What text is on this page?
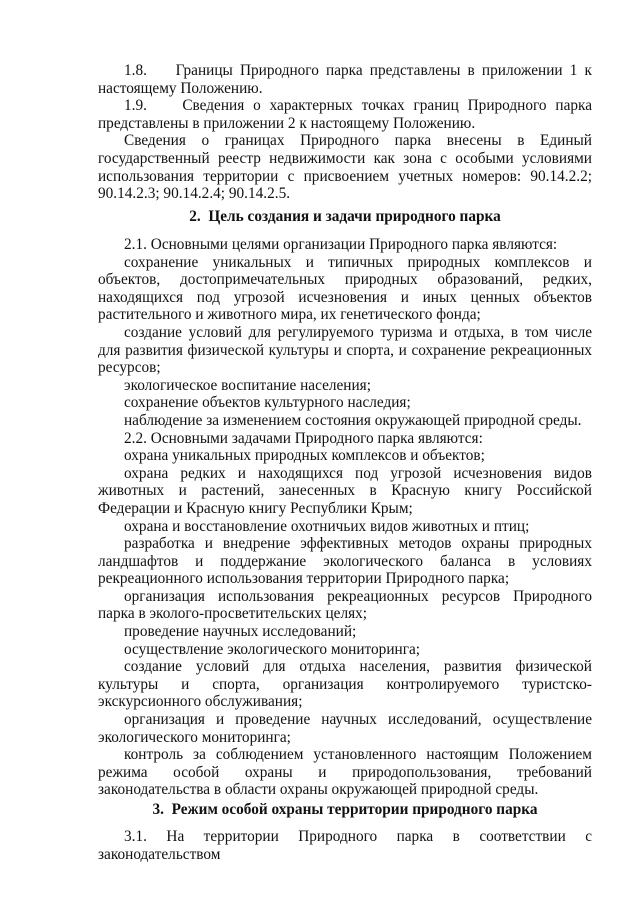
1.8.    Границы Природного парка представлены в приложении 1 к настоящему Положению.

1.9.    Сведения о характерных точках границ Природного парка представлены в приложении 2 к настоящему Положению.

Сведения о границах Природного парка внесены в Единый государственный реестр недвижимости как зона с особыми условиями использования территории с присвоением учетных номеров: 90.14.2.2; 90.14.2.3; 90.14.2.4; 90.14.2.5.

2.  Цель создания и задачи природного парка

2.1. Основными целями организации Природного парка являются:

сохранение уникальных и типичных природных комплексов и объектов, достопримечательных природных образований, редких, находящихся под угрозой исчезновения и иных ценных объектов растительного и животного мира, их генетического фонда;

создание условий для регулируемого туризма и отдыха, в том числе для развития физической культуры и спорта, и сохранение рекреационных ресурсов;

экологическое воспитание населения;

сохранение объектов культурного наследия;

наблюдение за изменением состояния окружающей природной среды.

2.2. Основными задачами Природного парка являются:

охрана уникальных природных комплексов и объектов;

охрана редких и находящихся под угрозой исчезновения видов животных и растений, занесенных в Красную книгу Российской Федерации и Красную книгу Республики Крым;

охрана и восстановление охотничьих видов животных и птиц;

разработка и внедрение эффективных методов охраны природных ландшафтов и поддержание экологического баланса в условиях рекреационного использования территории Природного парка;

организация использования рекреационных ресурсов Природного парка в эколого-просветительских целях;

проведение научных исследований;

осуществление экологического мониторинга;

создание условий для отдыха населения, развития физической культуры и спорта, организация контролируемого туристско-экскурсионного обслуживания;

организация и проведение научных исследований, осуществление экологического мониторинга;

контроль за соблюдением установленного настоящим Положением режима особой охраны и природопользования, требований законодательства в области охраны окружающей природной среды.

3.  Режим особой охраны территории природного парка

3.1. На территории Природного парка в соответствии с законодательством
